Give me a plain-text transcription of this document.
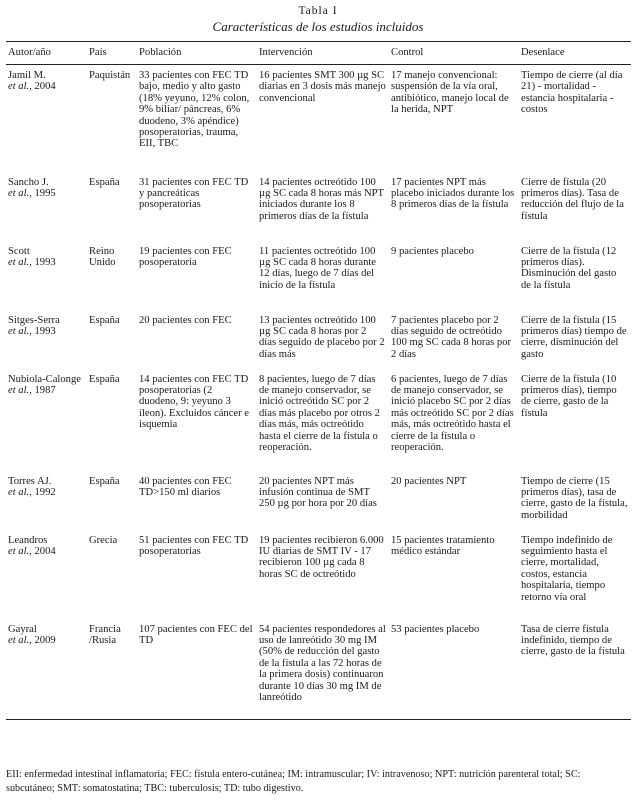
Tabla I
Características de los estudios incluidos
Autor/año	País	Población	Intervención	Control	Desenlace
Jamil M.
et al., 2004	Paquistán	33 pacientes con FEC TD bajo, medio y alto gasto (18% yeyuno, 12% colon, 9% biliar/ páncreas, 6% duodeno, 3% apéndice) posoperatorias, trauma, EII, TBC	16 pacientes SMT 300 µg SC diarias en 3 dosis más manejo convencional	17 manejo convencional: suspensión de la vía oral, antibiótico, manejo local de la herida, NPT	Tiempo de cierre (al día 21) - mortalidad - estancia hospitalaria - costos
Sancho J.
et al., 1995	España	31 pacientes con FEC TD y pancreáticas posoperatorias	14 pacientes octreótido 100 µg SC cada 8 horas más NPT iniciados durante los 8 primeros días de la fístula	17 pacientes NPT más placebo iniciados durante los 8 primeros días de la fístula	Cierre de fístula (20 primeros días). Tasa de reducción del flujo de la fístula
Scott
et al., 1993	Reino Unido	19 pacientes con FEC posoperatoria	11 pacientes octreótido 100 µg SC cada 8 horas durante 12 días, luego de 7 días del inicio de la fístula	9 pacientes placebo	Cierre de la fístula (12 primeros días). Disminución del gasto de la fístula
Sitges-Serra
et al., 1993	España	20 pacientes con FEC	13 pacientes octreótido 100 µg SC cada 8 horas por 2 días seguido de placebo por 2 días más	7 pacientes placebo por 2 días seguido de octreótido 100 mg SC cada 8 horas por 2 días	Cierre de la fístula (15 primeros días) tiempo de cierre, disminución del gasto
Nubiola-Calonge
et al., 1987	España	14 pacientes con FEC TD posoperatorias (2 duodeno, 9: yeyuno 3 íleon). Excluidos cáncer e isquemia	8 pacientes, luego de 7 días de manejo conservador, se inició octreótido SC por 2 días más placebo por otros 2 días más, más octreótido hasta el cierre de la fístula o reoperación.	6 pacientes, luego de 7 días de manejo conservador, se inició placebo SC por 2 días más octreótido SC por 2 días más, más octreótido hasta el cierre de la fístula o reoperación.	Cierre de la fístula (10 primeros días), tiempo de cierre, gasto de la fístula
Torres AJ.
et al., 1992	España	40 pacientes con FEC TD>150 ml diarios	20 pacientes NPT más infusión continua de SMT 250 µg por hora por 20 días	20 pacientes NPT	Tiempo de cierre (15 primeros días), tasa de cierre, gasto de la fístula, morbilidad
Leandros
et al., 2004	Grecia	51 pacientes con FEC TD posoperatorias	19 pacientes recibieron 6.000 IU diarias de SMT IV - 17 recibieron 100 µg cada 8 horas SC de octreótido	15 pacientes tratamiento médico estándar	Tiempo indefinido de seguimiento hasta el cierre, mortalidad, costos, estancia hospitalaria, tiempo retorno vía oral
Gayral
et al., 2009	Francia /Rusia	107 pacientes con FEC del TD	54 pacientes respondedores al uso de lanreótido 30 mg IM (50% de reducción del gasto de la fístula a las 72 horas de la primera dosis) continuaron durante 10 días 30 mg IM de lanreótido	53 pacientes placebo	Tasa de cierre fístula indefinido, tiempo de cierre, gasto de la fístula
EII: enfermedad intestinal inflamatoria; FEC: fístula entero-cutánea; IM: intramuscular; IV: intravenoso; NPT: nutrición parenteral total; SC: subcutáneo; SMT: somatostatina; TBC: tuberculosis; TD: tubo digestivo.
